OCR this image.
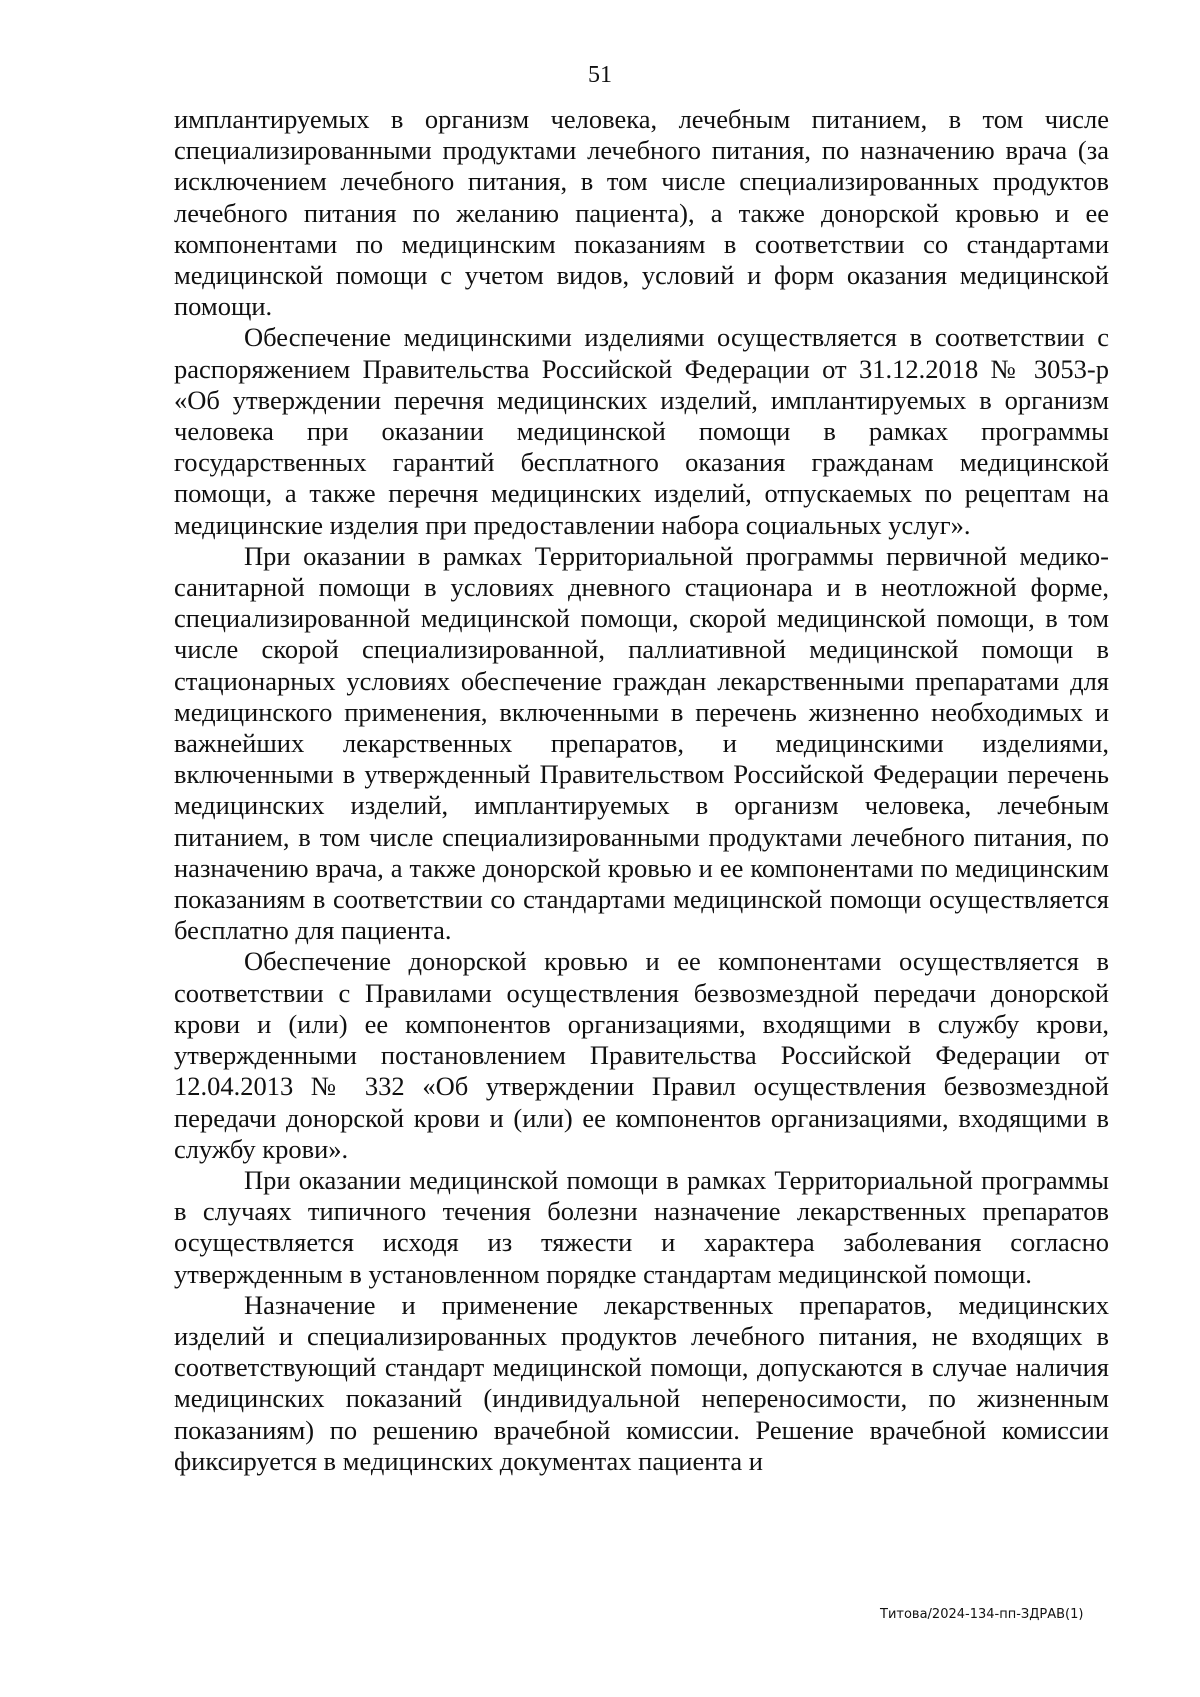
51

имплантируемых в организм человека, лечебным питанием, в том числе специализированными продуктами лечебного питания, по назначению врача (за исключением лечебного питания, в том числе специализированных продуктов лечебного питания по желанию пациента), а также донорской кровью и ее компонентами по медицинским показаниям в соответствии со стандартами медицинской помощи с учетом видов, условий и форм оказания медицинской помощи.

Обеспечение медицинскими изделиями осуществляется в соответствии с распоряжением Правительства Российской Федерации от 31.12.2018 № 3053-р «Об утверждении перечня медицинских изделий, имплантируемых в организм человека при оказании медицинской помощи в рамках программы государственных гарантий бесплатного оказания гражданам медицинской помощи, а также перечня медицинских изделий, отпускаемых по рецептам на медицинские изделия при предоставлении набора социальных услуг».

При оказании в рамках Территориальной программы первичной медико-санитарной помощи в условиях дневного стационара и в неотложной форме, специализированной медицинской помощи, скорой медицинской помощи, в том числе скорой специализированной, паллиативной медицинской помощи в стационарных условиях обеспечение граждан лекарственными препаратами для медицинского применения, включенными в перечень жизненно необходимых и важнейших лекарственных препаратов, и медицинскими изделиями, включенными в утвержденный Правительством Российской Федерации перечень медицинских изделий, имплантируемых в организм человека, лечебным питанием, в том числе специализированными продуктами лечебного питания, по назначению врача, а также донорской кровью и ее компонентами по медицинским показаниям в соответствии со стандартами медицинской помощи осуществляется бесплатно для пациента.

Обеспечение донорской кровью и ее компонентами осуществляется в соответствии с Правилами осуществления безвозмездной передачи донорской крови и (или) ее компонентов организациями, входящими в службу крови, утвержденными постановлением Правительства Российской Федерации от 12.04.2013 № 332 «Об утверждении Правил осуществления безвозмездной передачи донорской крови и (или) ее компонентов организациями, входящими в службу крови».

При оказании медицинской помощи в рамках Территориальной программы в случаях типичного течения болезни назначение лекарственных препаратов осуществляется исходя из тяжести и характера заболевания согласно утвержденным в установленном порядке стандартам медицинской помощи.

Назначение и применение лекарственных препаратов, медицинских изделий и специализированных продуктов лечебного питания, не входящих в соответствующий стандарт медицинской помощи, допускаются в случае наличия медицинских показаний (индивидуальной непереносимости, по жизненным показаниям) по решению врачебной комиссии. Решение врачебной комиссии фиксируется в медицинских документах пациента и

Титова/2024-134-пп-ЗДРАВ(1)
